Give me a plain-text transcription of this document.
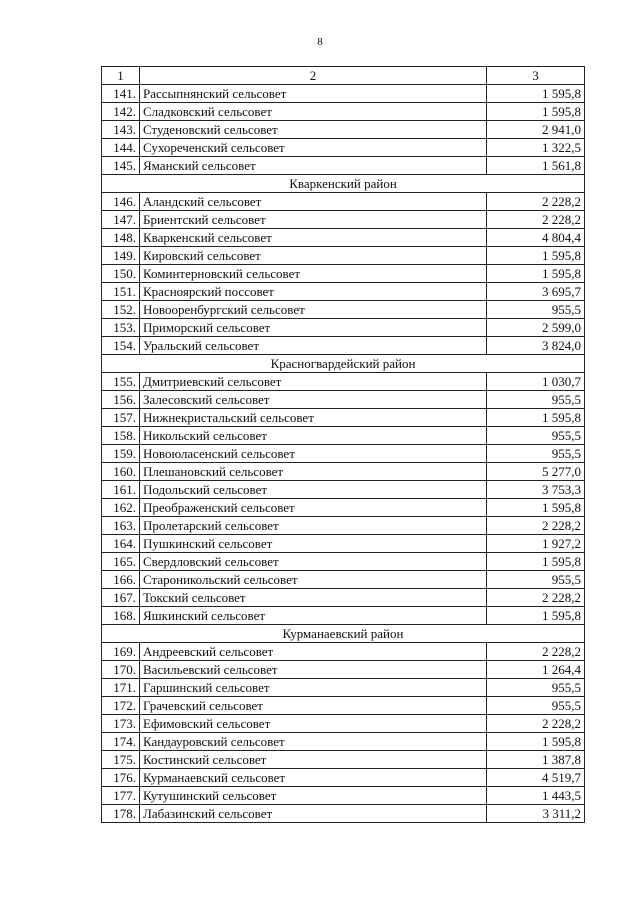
8
1	2	3
141.	Рассыпнянский сельсовет	1 595,8
142.	Сладковский сельсовет	1 595,8
143.	Студеновский сельсовет	2 941,0
144.	Сухореченский сельсовет	1 322,5
145.	Яманский сельсовет	1 561,8
Кваркенский район		
146.	Аландский сельсовет	2 228,2
147.	Бриентский сельсовет	2 228,2
148.	Кваркенский сельсовет	4 804,4
149.	Кировский сельсовет	1 595,8
150.	Коминтерновский сельсовет	1 595,8
151.	Красноярский поссовет	3 695,7
152.	Новооренбургский сельсовет	955,5
153.	Приморский сельсовет	2 599,0
154.	Уральский сельсовет	3 824,0
Красногвардейский район		
155.	Дмитриевский сельсовет	1 030,7
156.	Залесовский сельсовет	955,5
157.	Нижнекристальский сельсовет	1 595,8
158.	Никольский сельсовет	955,5
159.	Новоюласенский сельсовет	955,5
160.	Плешановский сельсовет	5 277,0
161.	Подольский сельсовет	3 753,3
162.	Преображенский сельсовет	1 595,8
163.	Пролетарский сельсовет	2 228,2
164.	Пушкинский сельсовет	1 927,2
165.	Свердловский сельсовет	1 595,8
166.	Староникольский сельсовет	955,5
167.	Токский сельсовет	2 228,2
168.	Яшкинский сельсовет	1 595,8
Курманаевский район		
169.	Андреевский сельсовет	2 228,2
170.	Васильевский сельсовет	1 264,4
171.	Гаршинский сельсовет	955,5
172.	Грачевский сельсовет	955,5
173.	Ефимовский сельсовет	2 228,2
174.	Кандауровский сельсовет	1 595,8
175.	Костинский сельсовет	1 387,8
176.	Курманаевский сельсовет	4 519,7
177.	Кутушинский сельсовет	1 443,5
178.	Лабазинский сельсовет	3 311,2
